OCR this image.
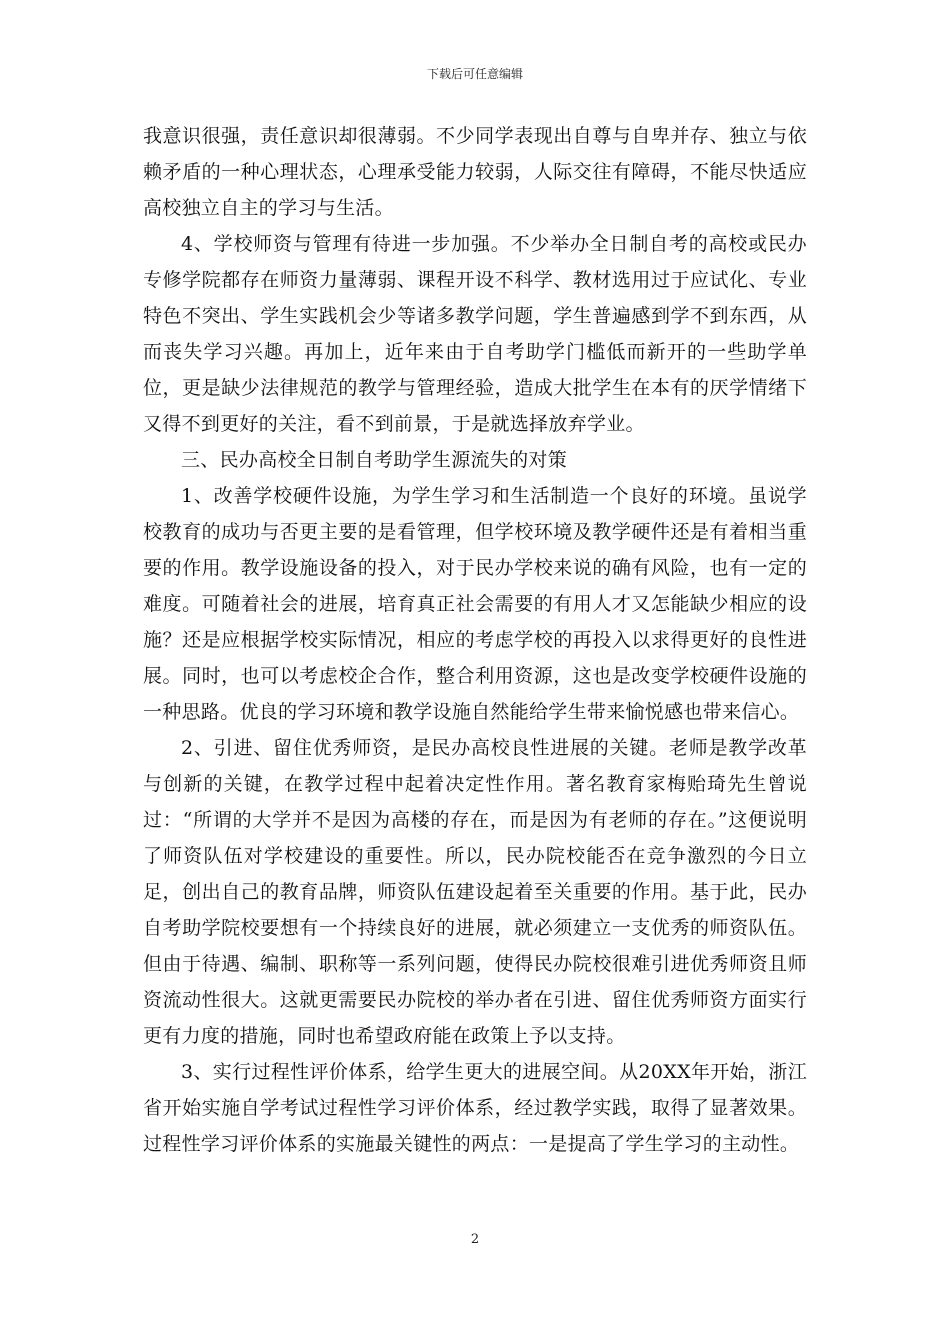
下载后可任意编辑

我意识很强，责任意识却很薄弱。不少同学表现出自尊与自卑并存、独立与依赖矛盾的一种心理状态，心理承受能力较弱，人际交往有障碍，不能尽快适应高校独立自主的学习与生活。

4、学校师资与管理有待进一步加强。不少举办全日制自考的高校或民办专修学院都存在师资力量薄弱、课程开设不科学、教材选用过于应试化、专业特色不突出、学生实践机会少等诸多教学问题，学生普遍感到学不到东西，从而丧失学习兴趣。再加上，近年来由于自考助学门槛低而新开的一些助学单位，更是缺少法律规范的教学与管理经验，造成大批学生在本有的厌学情绪下又得不到更好的关注，看不到前景，于是就选择放弃学业。

三、民办高校全日制自考助学生源流失的对策

1、改善学校硬件设施，为学生学习和生活制造一个良好的环境。虽说学校教育的成功与否更主要的是看管理，但学校环境及教学硬件还是有着相当重要的作用。教学设施设备的投入，对于民办学校来说的确有风险，也有一定的难度。可随着社会的进展，培育真正社会需要的有用人才又怎能缺少相应的设施？还是应根据学校实际情况，相应的考虑学校的再投入以求得更好的良性进展。同时，也可以考虑校企合作，整合利用资源，这也是改变学校硬件设施的一种思路。优良的学习环境和教学设施自然能给学生带来愉悦感也带来信心。

2、引进、留住优秀师资，是民办高校良性进展的关键。老师是教学改革与创新的关键，在教学过程中起着决定性作用。著名教育家梅贻琦先生曾说过：“所谓的大学并不是因为高楼的存在，而是因为有老师的存在。”这便说明了师资队伍对学校建设的重要性。所以，民办院校能否在竞争激烈的今日立足，创出自己的教育品牌，师资队伍建设起着至关重要的作用。基于此，民办自考助学院校要想有一个持续良好的进展，就必须建立一支优秀的师资队伍。但由于待遇、编制、职称等一系列问题，使得民办院校很难引进优秀师资且师资流动性很大。这就更需要民办院校的举办者在引进、留住优秀师资方面实行更有力度的措施，同时也希望政府能在政策上予以支持。

3、实行过程性评价体系，给学生更大的进展空间。从20XX年开始，浙江省开始实施自学考试过程性学习评价体系，经过教学实践，取得了显著效果。过程性学习评价体系的实施最关键性的两点：一是提高了学生学习的主动性。

2
